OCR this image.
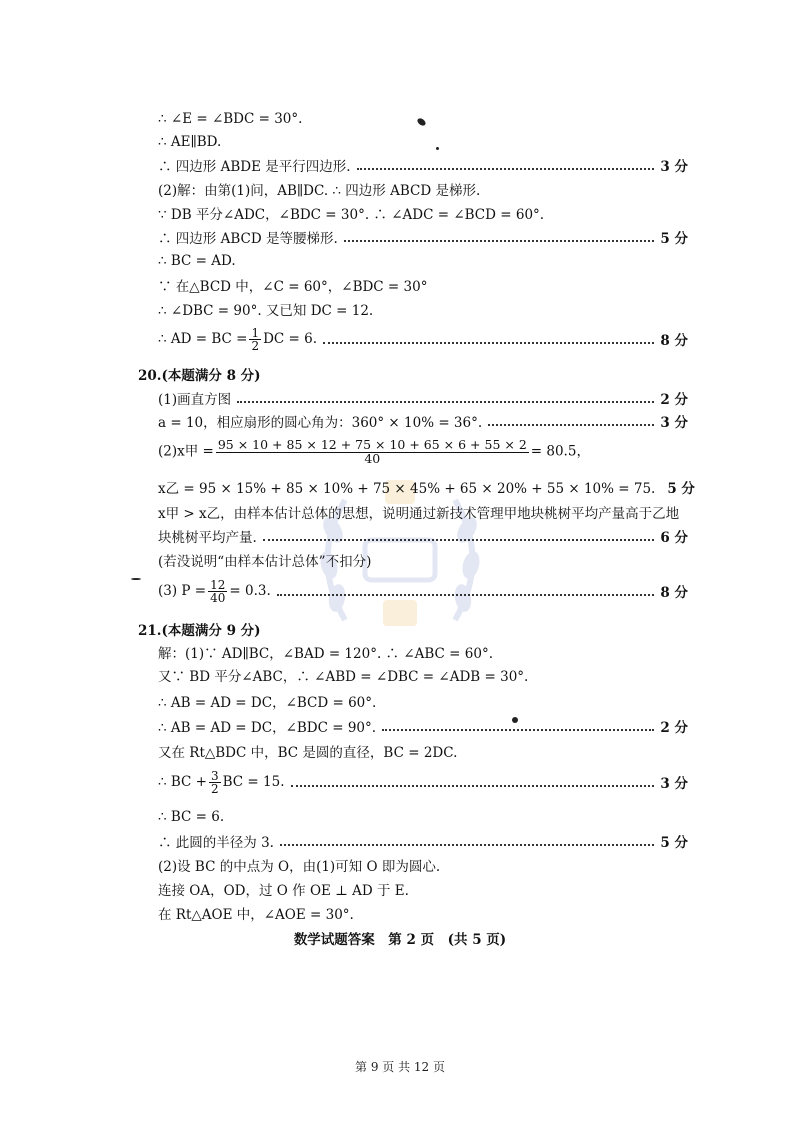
∴ ∠E = ∠BDC = 30°.
∴ AE∥BD.
∴ 四边形 ABDE 是平行四边形.	3 分
(2)解：由第(1)问，AB∥DC. ∴ 四边形 ABCD 是梯形.
∵ DB 平分∠ADC，∠BDC = 30°. ∴ ∠ADC = ∠BCD = 60°.
∴ 四边形 ABCD 是等腰梯形.	5 分
∴ BC = AD.
∵ 在△BCD 中，∠C = 60°，∠BDC = 30°
∴ ∠DBC = 90°. 又已知 DC = 12.
∴ AD = BC = $\frac{1}{2}$ DC = 6.	8 分
20.(本题满分 8 分)
(1)画直方图	2 分
a = 10，相应扇形的圆心角为：360° × 10% = 36°.	3 分
(2)x甲 = $\frac{95 \times 10 + 85 \times 12 + 75 \times 10 + 65 \times 6 + 55 \times 2}{40} = 80.5$，
x乙 = 95 × 15% + 85 × 10% + 75 × 45% + 65 × 20% + 55 × 10% = 75. 5 分
x甲 > x乙，由样本估计总体的思想，说明通过新技术管理甲地块桃树平均产量高于乙地
块桃树平均产量.	6 分
(若没说明“由样本估计总体”不扣分)
(3) $P = \frac{12}{40} = 0.3$.	8 分
21.(本题满分 9 分)
解：(1)∵ AD∥BC，∠BAD = 120°. ∴ ∠ABC = 60°.
又∵ BD 平分∠ABC，∴ ∠ABD = ∠DBC = ∠ADB = 30°.
∴ AB = AD = DC，∠BCD = 60°.
∴ AB = AD = DC，∠BDC = 90°.	2 分
又在 Rt△BDC 中，BC 是圆的直径，BC = 2DC.
∴ BC + $\frac{3}{2}$ BC = 15.	3 分
∴ BC = 6.
∴ 此圆的半径为 3.	5 分
(2)设 BC 的中点为 O，由(1)可知 O 即为圆心.
连接 OA，OD，过 O 作 OE ⊥ AD 于 E.
在 Rt△AOE 中，∠AOE = 30°.
数学试题答案　第 2 页　(共 5 页)
第 9 页 共 12 页
